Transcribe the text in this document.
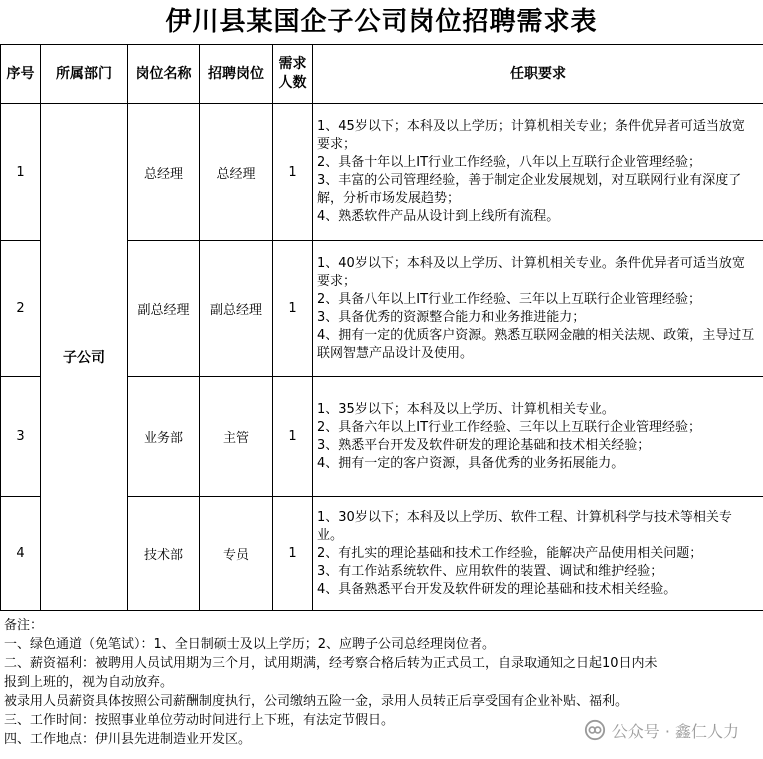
伊川县某国企子公司岗位招聘需求表
序号	所属部门	岗位名称	招聘岗位	需求
人数	任职要求
1	子公司	总经理	总经理	1	1、45岁以下；本科及以上学历；计算机相关专业；条件优异者可适当放宽要求；
2、具备十年以上IT行业工作经验，八年以上互联行企业管理经验；
3、丰富的公司管理经验，善于制定企业发展规划，对互联网行业有深度了解，分析市场发展趋势；
4、熟悉软件产品从设计到上线所有流程。

2		副总经理	副总经理	1	1、40岁以下；本科及以上学历、计算机相关专业。条件优异者可适当放宽要求；
2、具备八年以上IT行业工作经验、三年以上互联行企业管理经验；
3、具备优秀的资源整合能力和业务推进能力；
4、拥有一定的优质客户资源。熟悉互联网金融的相关法规、政策，主导过互联网智慧产品设计及使用。

3		业务部	主管	1	1、35岁以下；本科及以上学历、计算机相关专业。
2、具备六年以上IT行业工作经验、三年以上互联行企业管理经验；
3、熟悉平台开发及软件研发的理论基础和技术相关经验；
4、拥有一定的客户资源，具备优秀的业务拓展能力。

4		技术部	专员	1	1、30岁以下；本科及以上学历、软件工程、计算机科学与技术等相关专业。
2、有扎实的理论基础和技术工作经验，能解决产品使用相关问题；
3、有工作站系统软件、应用软件的装置、调试和维护经验；
4、具备熟悉平台开发及软件研发的理论基础和技术相关经验。
备注：
一、绿色通道（免笔试）：1、全日制硕士及以上学历；2、应聘子公司总经理岗位者。
二、薪资福利：被聘用人员试用期为三个月，试用期满，经考察合格后转为正式员工，自录取通知之日起10日内未
报到上班的，视为自动放弃。
被录用人员薪资具体按照公司薪酬制度执行，公司缴纳五险一金，录用人员转正后享受国有企业补贴、福利。
三、工作时间：按照事业单位劳动时间进行上下班，有法定节假日。
四、工作地点：伊川县先进制造业开发区。	公众号 · 鑫仁人力
